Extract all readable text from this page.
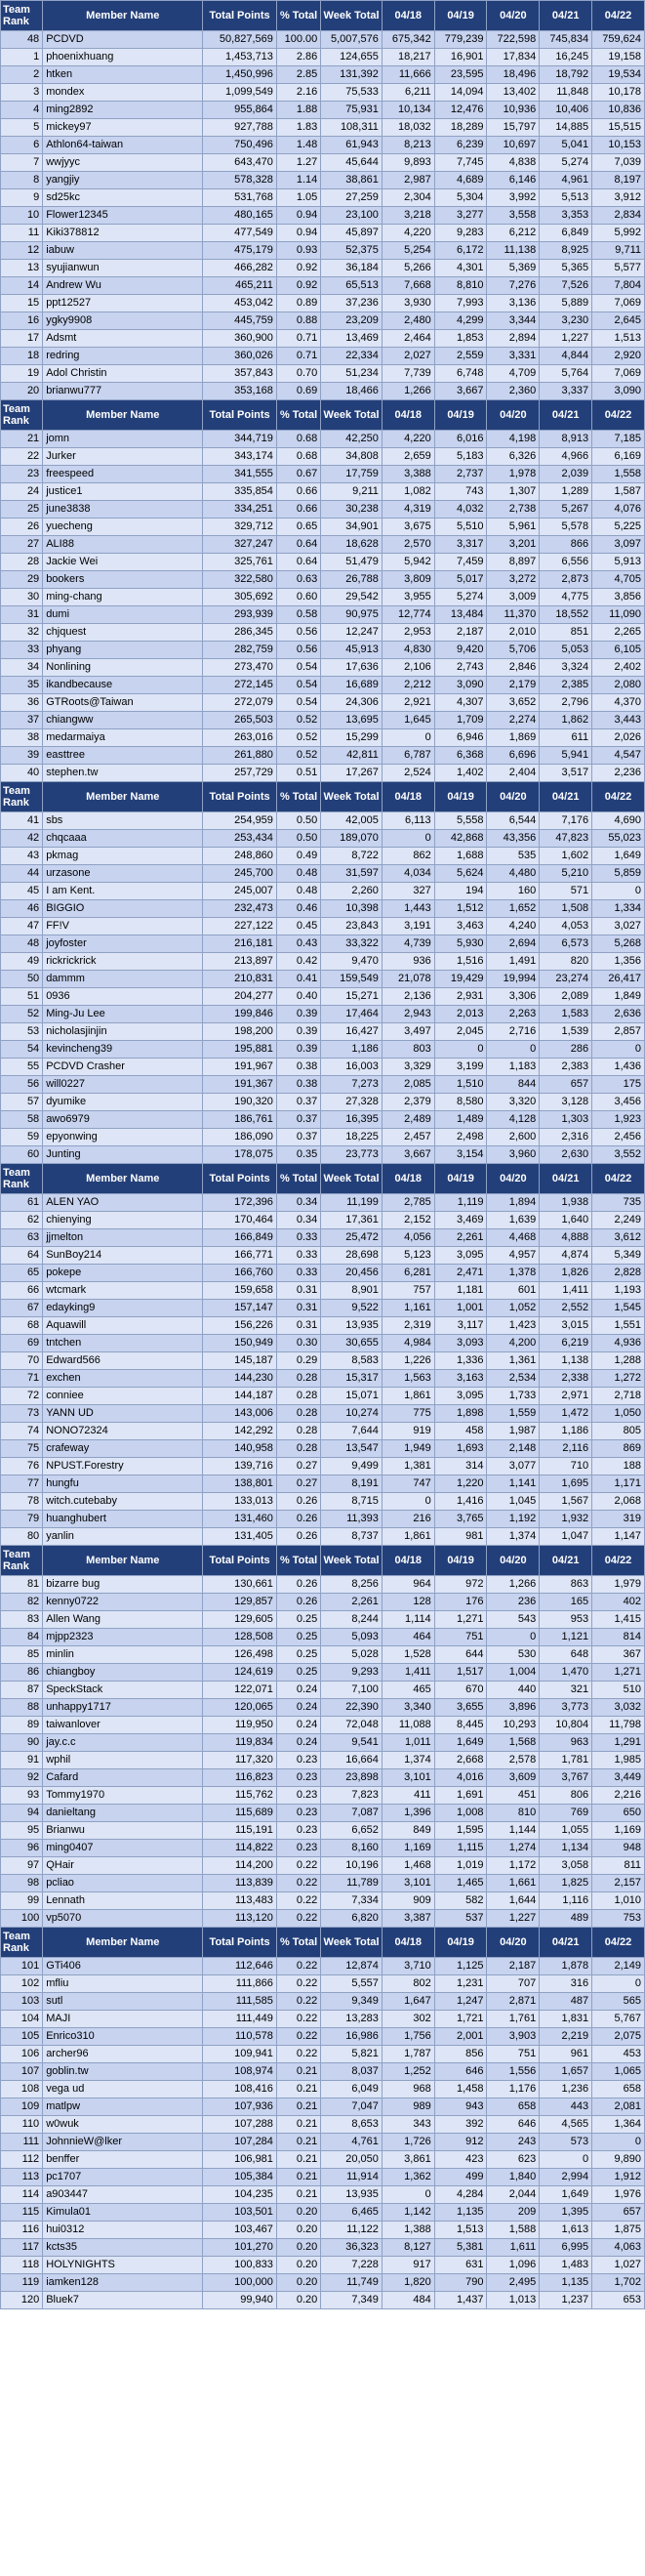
Team Rank	Member Name	Total Points	% Total	Week Total	04/18	04/19	04/20	04/21	04/22
48	PCDVD	50,827,569	100.00	5,007,576	675,342	779,239	722,598	745,834	759,624
1	phoenixhuang	1,453,713	2.86	124,655	18,217	16,901	17,834	16,245	19,158
2	htken	1,450,996	2.85	131,392	11,666	23,595	18,496	18,792	19,534
3	mondex	1,099,549	2.16	75,533	6,211	14,094	13,402	11,848	10,178
4	ming2892	955,864	1.88	75,931	10,134	12,476	10,936	10,406	10,836
5	mickey97	927,788	1.83	108,311	18,032	18,289	15,797	14,885	15,515
6	Athlon64-taiwan	750,496	1.48	61,943	8,213	6,239	10,697	5,041	10,153
7	wwjyyc	643,470	1.27	45,644	9,893	7,745	4,838	5,274	7,039
8	yangjiy	578,328	1.14	38,861	2,987	4,689	6,146	4,961	8,197
9	sd25kc	531,768	1.05	27,259	2,304	5,304	3,992	5,513	3,912
10	Flower12345	480,165	0.94	23,100	3,218	3,277	3,558	3,353	2,834
11	Kiki378812	477,549	0.94	45,897	4,220	9,283	6,212	6,849	5,992
12	iabuw	475,179	0.93	52,375	5,254	6,172	11,138	8,925	9,711
13	syujianwun	466,282	0.92	36,184	5,266	4,301	5,369	5,365	5,577
14	Andrew Wu	465,211	0.92	65,513	7,668	8,810	7,276	7,526	7,804
15	ppt12527	453,042	0.89	37,236	3,930	7,993	3,136	5,889	7,069
16	ygky9908	445,759	0.88	23,209	2,480	4,299	3,344	3,230	2,645
17	Adsmt	360,900	0.71	13,469	2,464	1,853	2,894	1,227	1,513
18	redring	360,026	0.71	22,334	2,027	2,559	3,331	4,844	2,920
19	Adol Christin	357,843	0.70	51,234	7,739	6,748	4,709	5,764	7,069
20	brianwu777	353,168	0.69	18,466	1,266	3,667	2,360	3,337	3,090
Team Rank	Member Name	Total Points	% Total	Week Total	04/18	04/19	04/20	04/21	04/22
21	jomn	344,719	0.68	42,250	4,220	6,016	4,198	8,913	7,185
22	Jurker	343,174	0.68	34,808	2,659	5,183	6,326	4,966	6,169
23	freespeed	341,555	0.67	17,759	3,388	2,737	1,978	2,039	1,558
24	justice1	335,854	0.66	9,211	1,082	743	1,307	1,289	1,587
25	june3838	334,251	0.66	30,238	4,319	4,032	2,738	5,267	4,076
26	yuecheng	329,712	0.65	34,901	3,675	5,510	5,961	5,578	5,225
27	ALI88	327,247	0.64	18,628	2,570	3,317	3,201	866	3,097
28	Jackie Wei	325,761	0.64	51,479	5,942	7,459	8,897	6,556	5,913
29	bookers	322,580	0.63	26,788	3,809	5,017	3,272	2,873	4,705
30	ming-chang	305,692	0.60	29,542	3,955	5,274	3,009	4,775	3,856
31	dumi	293,939	0.58	90,975	12,774	13,484	11,370	18,552	11,090
32	chjquest	286,345	0.56	12,247	2,953	2,187	2,010	851	2,265
33	phyang	282,759	0.56	45,913	4,830	9,420	5,706	5,053	6,105
34	Nonlining	273,470	0.54	17,636	2,106	2,743	2,846	3,324	2,402
35	ikandbecause	272,145	0.54	16,689	2,212	3,090	2,179	2,385	2,080
36	GTRoots@Taiwan	272,079	0.54	24,306	2,921	4,307	3,652	2,796	4,370
37	chiangww	265,503	0.52	13,695	1,645	1,709	2,274	1,862	3,443
38	medarmaiya	263,016	0.52	15,299	0	6,946	1,869	611	2,026
39	easttree	261,880	0.52	42,811	6,787	6,368	6,696	5,941	4,547
40	stephen.tw	257,729	0.51	17,267	2,524	1,402	2,404	3,517	2,236
Team Rank	Member Name	Total Points	% Total	Week Total	04/18	04/19	04/20	04/21	04/22
41	sbs	254,959	0.50	42,005	6,113	5,558	6,544	7,176	4,690
42	chqcaaa	253,434	0.50	189,070	0	42,868	43,356	47,823	55,023
43	pkmag	248,860	0.49	8,722	862	1,688	535	1,602	1,649
44	urzasone	245,700	0.48	31,597	4,034	5,624	4,480	5,210	5,859
45	I am Kent.	245,007	0.48	2,260	327	194	160	571	0
46	BIGGIO	232,473	0.46	10,398	1,443	1,512	1,652	1,508	1,334
47	FF!V	227,122	0.45	23,843	3,191	3,463	4,240	4,053	3,027
48	joyfoster	216,181	0.43	33,322	4,739	5,930	2,694	6,573	5,268
49	rickrickrick	213,897	0.42	9,470	936	1,516	1,491	820	1,356
50	dammm	210,831	0.41	159,549	21,078	19,429	19,994	23,274	26,417
51	0936	204,277	0.40	15,271	2,136	2,931	3,306	2,089	1,849
52	Ming-Ju Lee	199,846	0.39	17,464	2,943	2,013	2,263	1,583	2,636
53	nicholasjinjin	198,200	0.39	16,427	3,497	2,045	2,716	1,539	2,857
54	kevincheng39	195,881	0.39	1,186	803	0	0	286	0
55	PCDVD Crasher	191,967	0.38	16,003	3,329	3,199	1,183	2,383	1,436
56	will0227	191,367	0.38	7,273	2,085	1,510	844	657	175
57	dyumike	190,320	0.37	27,328	2,379	8,580	3,320	3,128	3,456
58	awo6979	186,761	0.37	16,395	2,489	1,489	4,128	1,303	1,923
59	epyonwing	186,090	0.37	18,225	2,457	2,498	2,600	2,316	2,456
60	Junting	178,075	0.35	23,773	3,667	3,154	3,960	2,630	3,552
Team Rank	Member Name	Total Points	% Total	Week Total	04/18	04/19	04/20	04/21	04/22
61	ALEN YAO	172,396	0.34	11,199	2,785	1,119	1,894	1,938	735
62	chienying	170,464	0.34	17,361	2,152	3,469	1,639	1,640	2,249
63	jjmelton	166,849	0.33	25,472	4,056	2,261	4,468	4,888	3,612
64	SunBoy214	166,771	0.33	28,698	5,123	3,095	4,957	4,874	5,349
65	pokepe	166,760	0.33	20,456	6,281	2,471	1,378	1,826	2,828
66	wtcmark	159,658	0.31	8,901	757	1,181	601	1,411	1,193
67	edayking9	157,147	0.31	9,522	1,161	1,001	1,052	2,552	1,545
68	Aquawill	156,226	0.31	13,935	2,319	3,117	1,423	3,015	1,551
69	tntchen	150,949	0.30	30,655	4,984	3,093	4,200	6,219	4,936
70	Edward566	145,187	0.29	8,583	1,226	1,336	1,361	1,138	1,288
71	exchen	144,230	0.28	15,317	1,563	3,163	2,534	2,338	1,272
72	conniee	144,187	0.28	15,071	1,861	3,095	1,733	2,971	2,718
73	YANN UD	143,006	0.28	10,274	775	1,898	1,559	1,472	1,050
74	NONO72324	142,292	0.28	7,644	919	458	1,987	1,186	805
75	crafeway	140,958	0.28	13,547	1,949	1,693	2,148	2,116	869
76	NPUST.Forestry	139,716	0.27	9,499	1,381	314	3,077	710	188
77	hungfu	138,801	0.27	8,191	747	1,220	1,141	1,695	1,171
78	witch.cutebaby	133,013	0.26	8,715	0	1,416	1,045	1,567	2,068
79	huanghubert	131,460	0.26	11,393	216	3,765	1,192	1,932	319
80	yanlin	131,405	0.26	8,737	1,861	981	1,374	1,047	1,147
Team Rank	Member Name	Total Points	% Total	Week Total	04/18	04/19	04/20	04/21	04/22
81	bizarre bug	130,661	0.26	8,256	964	972	1,266	863	1,979
82	kenny0722	129,857	0.26	2,261	128	176	236	165	402
83	Allen Wang	129,605	0.25	8,244	1,114	1,271	543	953	1,415
84	mjpp2323	128,508	0.25	5,093	464	751	0	1,121	814
85	minlin	126,498	0.25	5,028	1,528	644	530	648	367
86	chiangboy	124,619	0.25	9,293	1,411	1,517	1,004	1,470	1,271
87	SpeckStack	122,071	0.24	7,100	465	670	440	321	510
88	unhappy1717	120,065	0.24	22,390	3,340	3,655	3,896	3,773	3,032
89	taiwanlover	119,950	0.24	72,048	11,088	8,445	10,293	10,804	11,798
90	jay.c.c	119,834	0.24	9,541	1,011	1,649	1,568	963	1,291
91	wphil	117,320	0.23	16,664	1,374	2,668	2,578	1,781	1,985
92	Cafard	116,823	0.23	23,898	3,101	4,016	3,609	3,767	3,449
93	Tommy1970	115,762	0.23	7,823	411	1,691	451	806	2,216
94	danieltang	115,689	0.23	7,087	1,396	1,008	810	769	650
95	Brianwu	115,191	0.23	6,652	849	1,595	1,144	1,055	1,169
96	ming0407	114,822	0.23	8,160	1,169	1,115	1,274	1,134	948
97	QHair	114,200	0.22	10,196	1,468	1,019	1,172	3,058	811
98	pcliao	113,839	0.22	11,789	3,101	1,465	1,661	1,825	2,157
99	Lennath	113,483	0.22	7,334	909	582	1,644	1,116	1,010
100	vp5070	113,120	0.22	6,820	3,387	537	1,227	489	753
Team Rank	Member Name	Total Points	% Total	Week Total	04/18	04/19	04/20	04/21	04/22
101	GTi406	112,646	0.22	12,874	3,710	1,125	2,187	1,878	2,149
102	mfliu	111,866	0.22	5,557	802	1,231	707	316	0
103	sutl	111,585	0.22	9,349	1,647	1,247	2,871	487	565
104	MAJI	111,449	0.22	13,283	302	1,721	1,761	1,831	5,767
105	Enrico310	110,578	0.22	16,986	1,756	2,001	3,903	2,219	2,075
106	archer96	109,941	0.22	5,821	1,787	856	751	961	453
107	goblin.tw	108,974	0.21	8,037	1,252	646	1,556	1,657	1,065
108	vega ud	108,416	0.21	6,049	968	1,458	1,176	1,236	658
109	matlpw	107,936	0.21	7,047	989	943	658	443	2,081
110	w0wuk	107,288	0.21	8,653	343	392	646	4,565	1,364
111	JohnnieW@lker	107,284	0.21	4,761	1,726	912	243	573	0
112	benffer	106,981	0.21	20,050	3,861	423	623	0	9,890
113	pc1707	105,384	0.21	11,914	1,362	499	1,840	2,994	1,912
114	a903447	104,235	0.21	13,935	0	4,284	2,044	1,649	1,976
115	Kimula01	103,501	0.20	6,465	1,142	1,135	209	1,395	657
116	hui0312	103,467	0.20	11,122	1,388	1,513	1,588	1,613	1,875
117	kcts35	101,270	0.20	36,323	8,127	5,381	1,611	6,995	4,063
118	HOLYNIGHTS	100,833	0.20	7,228	917	631	1,096	1,483	1,027
119	iamken128	100,000	0.20	11,749	1,820	790	2,495	1,135	1,702
120	Bluek7	99,940	0.20	7,349	484	1,437	1,013	1,237	653
